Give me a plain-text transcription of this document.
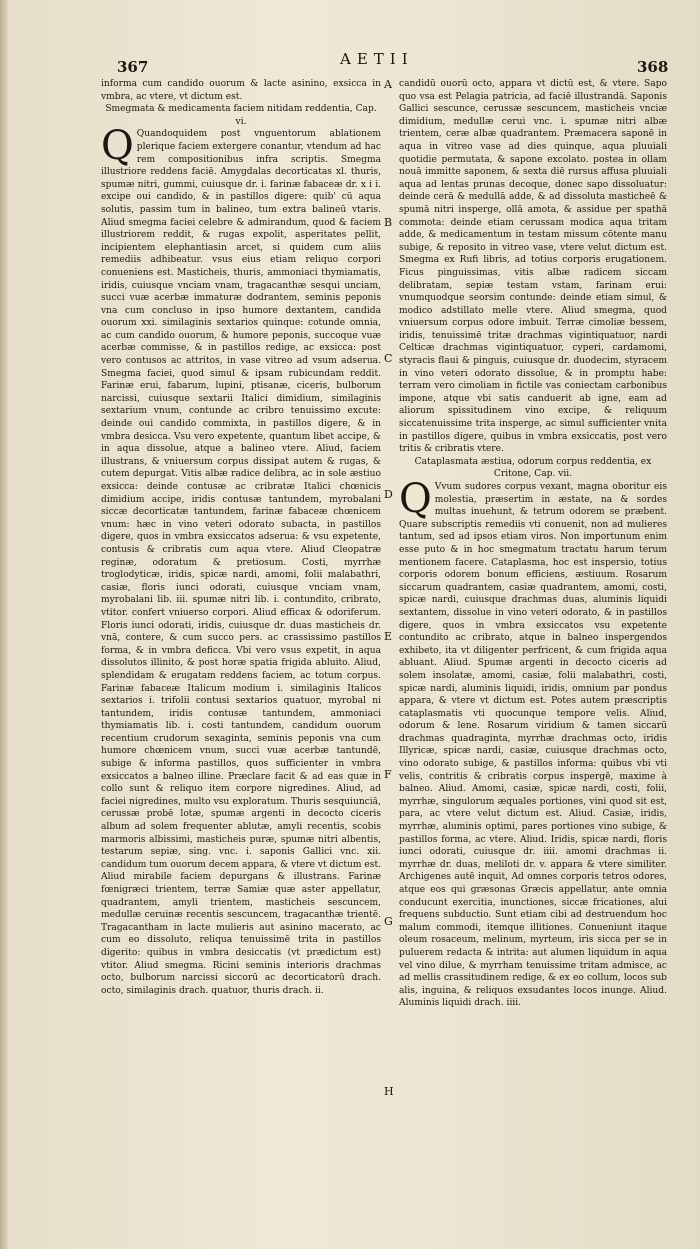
367	AETII	368

informa cum candido ouorum & lacte asinino, exsicca in vmbra, ac vtere, vt dictum est.

Smegmata & medicamenta faciem nitidam reddentia, Cap. vi.

Q Quandoquidem post vnguentorum ablationem plerique faciem extergere conantur, vtendum ad hac rem compositionibus infra scriptis. Smegma illustriore reddens faciē. Amygdalas decorticatas xl. thuris, spumæ nitri, gummi, cuiusque dr. i. farinæ fabaceæ dr. x i i. excipe oui candido, & in pastillos digere: quib' cū aqua solutis, passim tum in balineo, tum extra balineū vtaris. Aliud smegma faciei celebre & admirandum, quod & faciem illustriorem reddit, & rugas expolit, asperitates pellit, incipientem elephantiasin arcet, si quidem cum aliis remediis adhibeatur. vsus eius etiam reliquo corpori conueniens est. Masticheis, thuris, ammoniaci thymiamatis, iridis, cuiusque vnciam vnam, tragacanthæ sesqui unciam, succi vuæ acerbæ immaturæ dodrantem, seminis peponis vna cum concluso in ipso humore dextantem, candida ouorum xxi. similaginis sextarios quinque: cotunde omnia, ac cum candido ouorum, & humore peponis, succoque vuæ acerbæ commisse, & in pastillos redige, ac exsicca: post vero contusos ac attritos, in vase vitreo ad vsum adserua. Smegma faciei, quod simul & ipsam rubicundam reddit. Farinæ erui, fabarum, lupini, ptisanæ, ciceris, bulborum narcissi, cuiusque sextarii Italici dimidium, similaginis sextarium vnum, contunde ac cribro tenuissimo excute: deinde oui candido commixta, in pastillos digere, & in vmbra desicca. Vsu vero expetente, quantum libet accipe, & in aqua dissolue, atque a balineo vtere. Aliud, faciem illustrans, & vniuersum corpus dissipat autem & rugas, & cutem depurgat. Vitis albæ radice delibra, ac in sole æstiuo exsicca: deinde contusæ ac cribratæ Italici chœnicis dimidium accipe, iridis contusæ tantundem, myrobalani siccæ decorticatæ tantundem, farinæ fabaceæ chœnicem vnum: hæc in vino veteri odorato subacta, in pastillos digere, quos in vmbra exsiccatos adserua: & vsu expetente, contusis & cribratis cum aqua vtere. Aliud Cleopatræ reginæ, odoratum & pretiosum. Costi, myrrhæ troglodyticæ, iridis, spicæ nardi, amomi, folii malabathri, casiæ, floris iunci odorati, cuiusque vnciam vnam, myrobalani lib. iii. spumæ nitri lib. i. contundito, cribrato, vtitor. confert vniuerso corpori. Aliud efficax & odoriferum. Floris iunci odorati, iridis, cuiusque dr. duas masticheis dr. vnā, contere, & cum succo pers. ac crassissimo pastillos forma, & in vmbra deficca. Vbi vero vsus expetit, in aqua dissolutos illinito, & post horæ spatia frigida abluito. Aliud, splendidam & erugatam reddens faciem, ac totum corpus. Farinæ fabaceæ Italicum modium i. similaginis Italicos sextarios i. trifolii contusi sextarios quatuor, myrobal ni tantundem, iridis contusæ tantundem, ammoniaci thymiamatis lib. i. costi tantundem, candidum ouorum recentium crudorum sexaginta, seminis peponis vna cum humore chœnicem vnum, succi vuæ acerbæ tantundē, subige & informa pastillos, quos sufficienter in vmbra exsiccatos a balneo illine. Præclare facit & ad eas quæ in collo sunt & reliquo item corpore nigredines. Aliud, ad faciei nigredines, multo vsu exploratum. Thuris sesquiunciā, cerussæ probē lotæ, spumæ argenti in decocto ciceris album ad solem frequenter ablutæ, amyli recentis, scobis marmoris albissimi, masticheis puræ, spumæ nitri albentis, testarum sepiæ, sing. vnc. i. saponis Gallici vnc. xii. candidum tum ouorum decem appara, & vtere vt dictum est. Aliud mirabile faciem depurgans & illustrans. Farinæ fœnigræci trientem, terræ Samiæ quæ aster appellatur, quadrantem, amyli trientem, masticheis sescuncem, medullæ ceruinæ recentis sescuncem, tragacanthæ trientē. Tragacantham in lacte mulieris aut asinino macerato, ac cum eo dissoluto, reliqua tenuissimē trita in pastillos digerito: quibus in vmbra desiccatis (vt prædictum est) vtitor. Aliud smegma. Ricini seminis interioris drachmas octo, bulborum narcissi siccorū ac decorticatorū drach. octo, similaginis drach. quatuor, thuris drach. ii.

A
B
C
D
E
F
G
H

candidū ouorū octo, appara vt dictū est, & vtere. Sapo quo vsa est Pelagia patricia, ad faciē illustrandā. Saponis Gallici sescunce, cerussæ sescuncem, masticheis vnciæ dimidium, medullæ cerui vnc. i. spumæ nitri albæ trientem, ceræ albæ quadrantem. Præmacera saponē in aqua in vitreo vase ad dies quinque, aqua pluuiali quotidie permutata, & sapone excolato. postea in ollam nouā immitte saponem, & sexta diē rursus affusa pluuiali aqua ad lentas prunas decoque, donec sapo dissoluatur: deinde cerā & medullā adde, & ad dissoluta masticheē & spumā nitri insperge, ollā amota, & assidue per spathā commota: deinde etiam cerussam modica aqua tritam adde, & medicamentum in testam missum cōtente manu subige, & reposito in vitreo vase, vtere velut dictum est. Smegma ex Rufi libris, ad totius corporis erugationem. Ficus pinguissimas, vitis albæ radicem siccam delibratam, sepiæ testam vstam, farinam erui: vnumquodque seorsim contunde: deinde etiam simul, & modico adstillato melle vtere. Aliud smegma, quod vniuersum corpus odore imbuit. Terræ cimoliæ bessem, iridis, tenuissimē tritæ drachmas vigintiquatuor, nardi Celticæ drachmas vigintiquatuor, cyperi, cardamomi, styracis flaui & pinguis, cuiusque dr. duodecim, styracem in vino veteri odorato dissolue, & in promptu habe: terram vero cimoliam in fictile vas coniectam carbonibus impone, atque vbi satis canduerit ab igne, eam ad aliorum spissitudinem vino excipe, & reliquum siccatenuissime trita insperge, ac simul sufficienter vnita in pastillos digere, quibus in vmbra exsiccatis, post vero tritis & cribratis vtere.

Cataplasmata æstiua, odorum corpus reddentia, ex Critone, Cap. vii.

Q Vvum sudores corpus vexant, magna oboritur eis molestia, præsertim in æstate, na & sordes multas inuehunt, & tetrum odorem se præbent. Quare subscriptis remediis vti conuenit, non ad mulieres tantum, sed ad ipsos etiam viros. Non importunum enim esse puto & in hoc smegmatum tractatu harum terum mentionem facere. Cataplasma, hoc est inspersio, totius corporis odorem bonum efficiens, æstiuum. Rosarum siccarum quadrantem, casiæ quadrantem, amomi, costi, spicæ nardi, cuiusque drachmas duas, aluminis liquidi sextantem, dissolue in vino veteri odorato, & in pastillos digere, quos in vmbra exsiccatos vsu expetente contundito ac cribrato, atque in balneo inspergendos exhibeto, ita vt diligenter perfricent, & cum frigida aqua abluant. Aliud. Spumæ argenti in decocto ciceris ad solem insolatæ, amomi, casiæ, folii malabathri, costi, spicæ nardi, aluminis liquidi, iridis, omnium par pondus appara, & vtere vt dictum est. Potes autem præscriptis cataplasmatis vti quocunque tempore velis. Aliud, odorum & lene. Rosarum viridium & tamen siccarū drachmas quadraginta, myrrhæ drachmas octo, iridis Illyricæ, spicæ nardi, casiæ, cuiusque drachmas octo, vino odorato subige, & pastillos informa: quibus vbi vti velis, contritis & cribratis corpus inspergē, maxime à balneo. Aliud. Amomi, casiæ, spicæ nardi, costi, folii, myrrhæ, singulorum æquales portiones, vini quod sit est, para, ac vtere velut dictum est. Aliud. Casiæ, iridis, myrrhæ, aluminis optimi, pares portiones vino subige, & pastillos forma, ac vtere. Aliud. Iridis, spicæ nardi, floris iunci odorati, cuiusque dr. iiii. amomi drachmas ii. myrrhæ dr. duas, meliloti dr. v. appara & vtere similiter. Archigenes autē inquit, Ad omnes corporis tetros odores, atque eos qui græsonas Græcis appellatur, ante omnia conducunt exercitia, inunctiones, siccæ fricationes, alui frequens subductio. Sunt etiam cibi ad destruendum hoc malum commodi, itemque illitiones. Conueniunt itaque oleum rosaceum, melinum, myrteum, iris sicca per se in puluerem redacta & intrita: aut alumen liquidum in aqua vel vino dilue, & myrrham tenuissime tritam admisce, ac ad mellis crassitudinem redige, & ex eo collum, locos sub alis, inguina, & reliquos exsudantes locos inunge. Aliud. Aluminis liquidi drach. iiii.
